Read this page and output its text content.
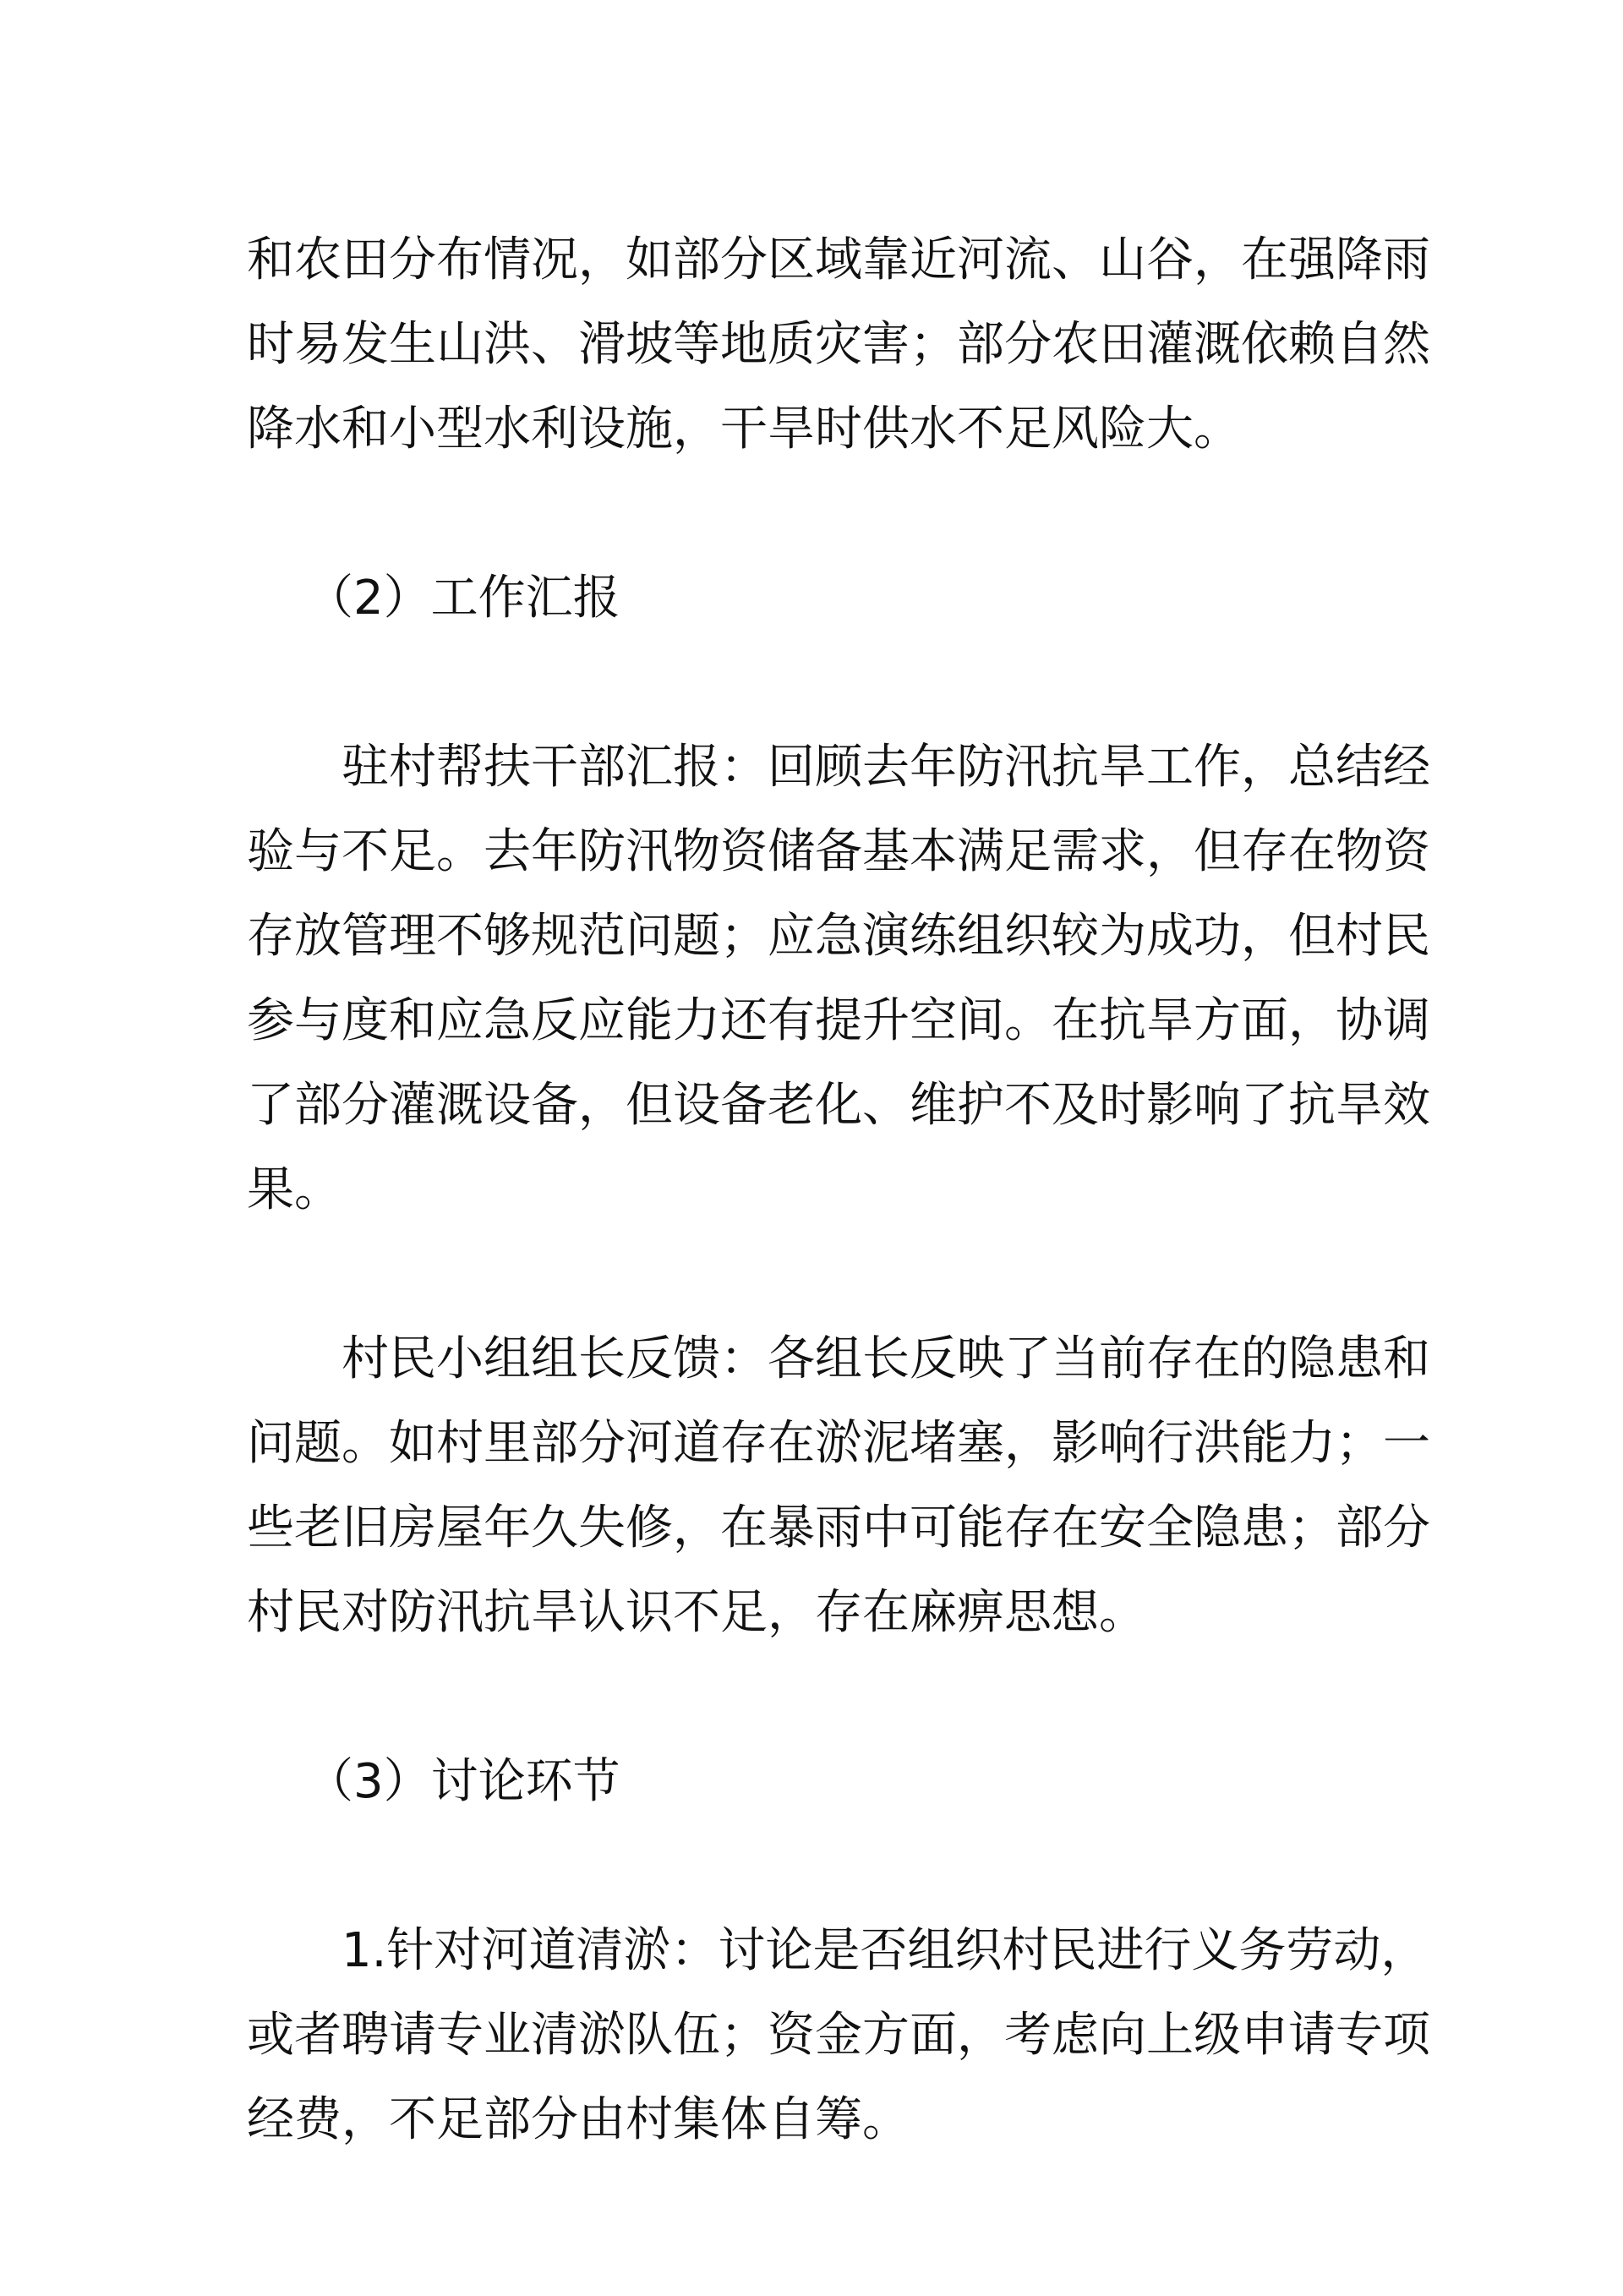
和农田分布情况，如部分区域靠近河流、山谷，在强降雨
时易发生山洪、滑坡等地质灾害；部分农田灌溉依赖自然
降水和小型水利设施，干旱时供水不足风险大。

（2）工作汇报

驻村帮扶干部汇报：回顾去年防汛抗旱工作，总结经
验与不足。去年防汛物资储备基本满足需求，但存在物资
存放管理不够规范问题；应急演练组织较为成功，但村民
参与度和应急反应能力还有提升空间。在抗旱方面，协调
了部分灌溉设备，但设备老化、维护不及时影响了抗旱效
果。

村民小组组长反馈：各组长反映了当前存在的隐患和
问题。如村里部分河道存在淤泥堵塞，影响行洪能力；一
些老旧房屋年久失修，在暴雨中可能存在安全隐患；部分
村民对防汛抗旱认识不足，存在麻痹思想。

（3）讨论环节

1.针对河道清淤：讨论是否组织村民进行义务劳动，
或者聘请专业清淤队伍；资金方面，考虑向上级申请专项
经费，不足部分由村集体自筹。
